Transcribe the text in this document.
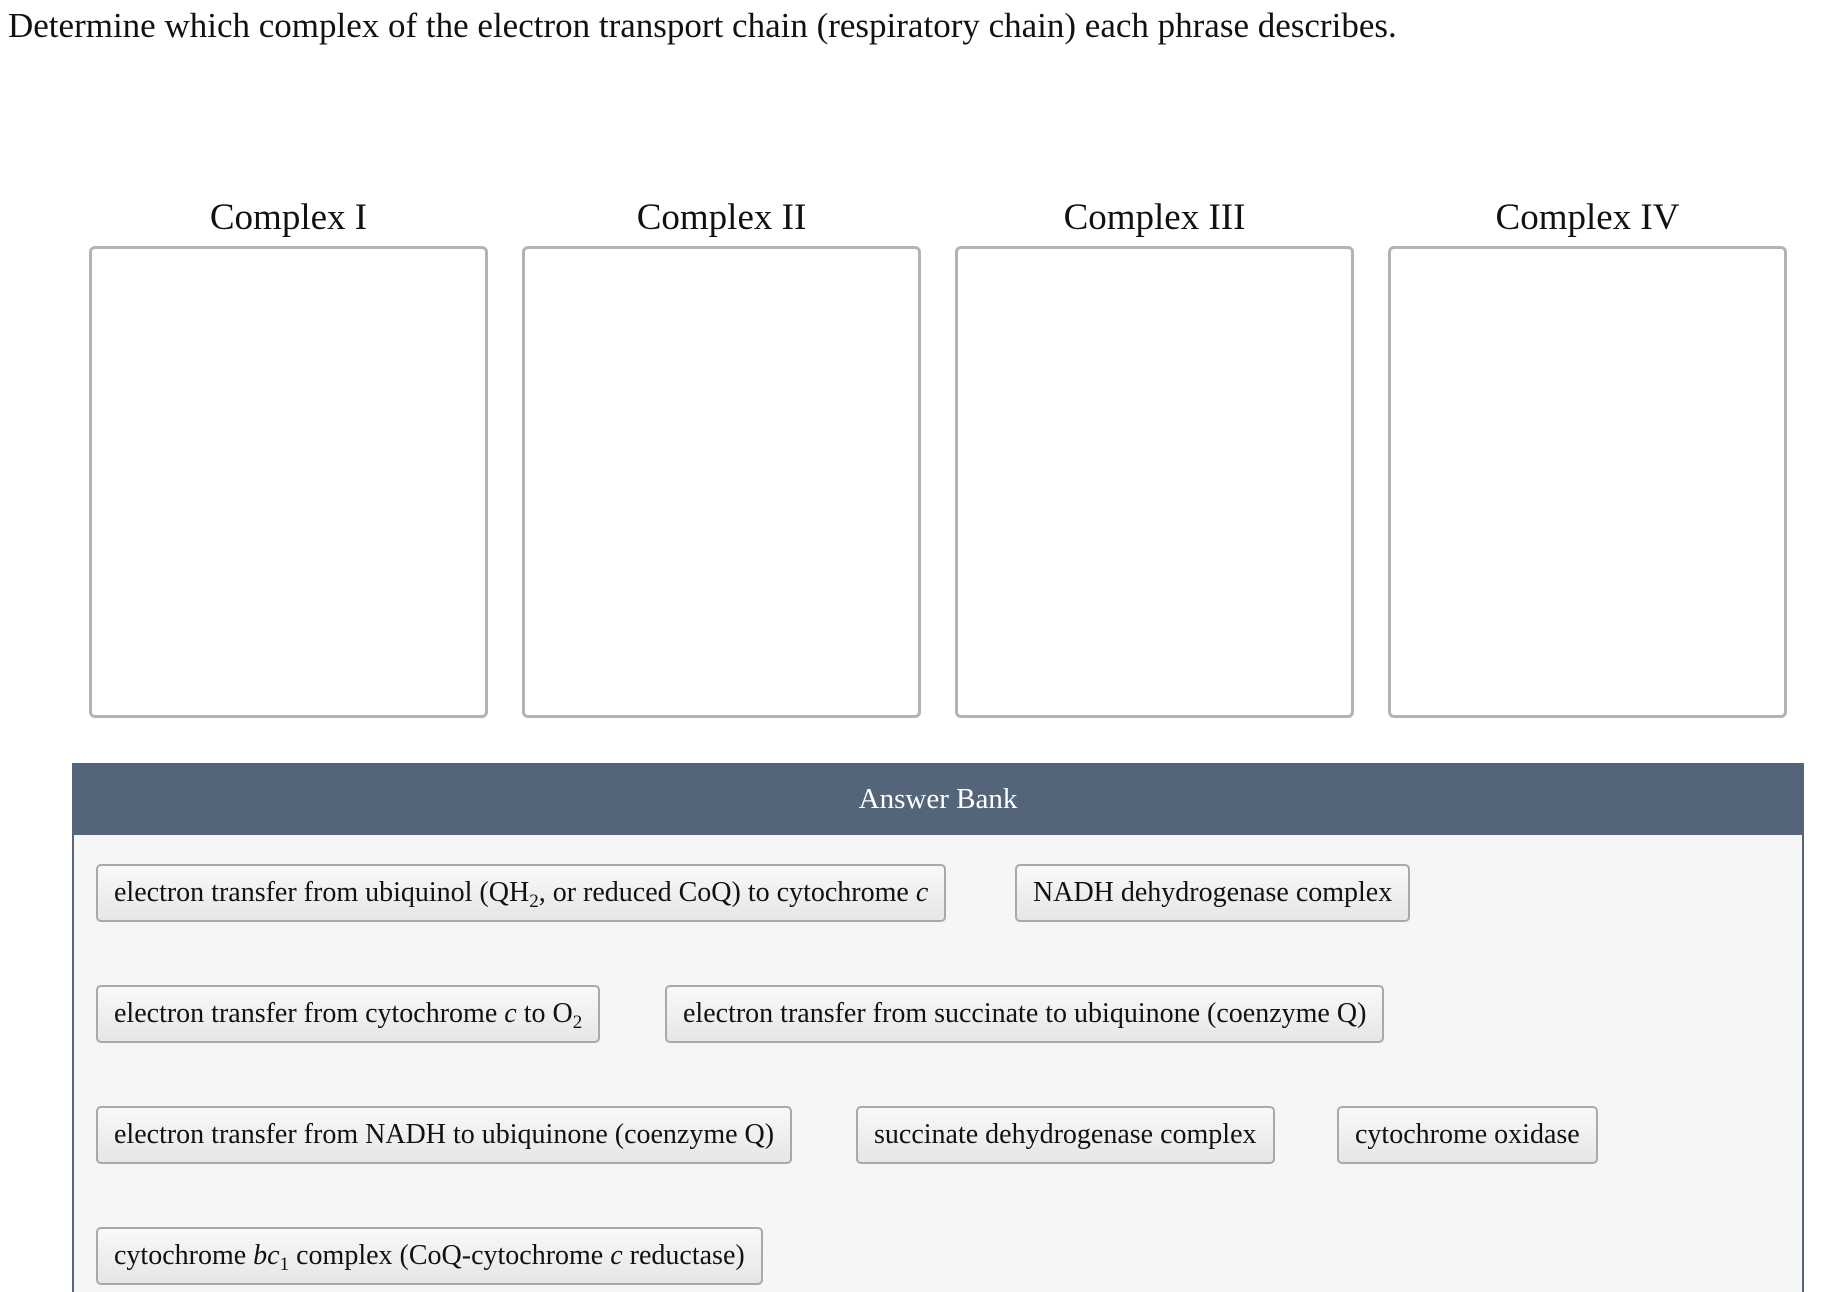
Determine which complex of the electron transport chain (respiratory chain) each phrase describes.
Complex I	Complex II	Complex III	Complex IV
Answer Bank
electron transfer from ubiquinol ($QH_2$, or reduced CoQ) to cytochrome c	NADH dehydrogenase complex
electron transfer from cytochrome c to $O_2$	electron transfer from succinate to ubiquinone (coenzyme Q)
electron transfer from NADH to ubiquinone (coenzyme Q)	succinate dehydrogenase complex	cytochrome oxidase
cytochrome $bc_1$ complex (CoQ-cytochrome c reductase)
